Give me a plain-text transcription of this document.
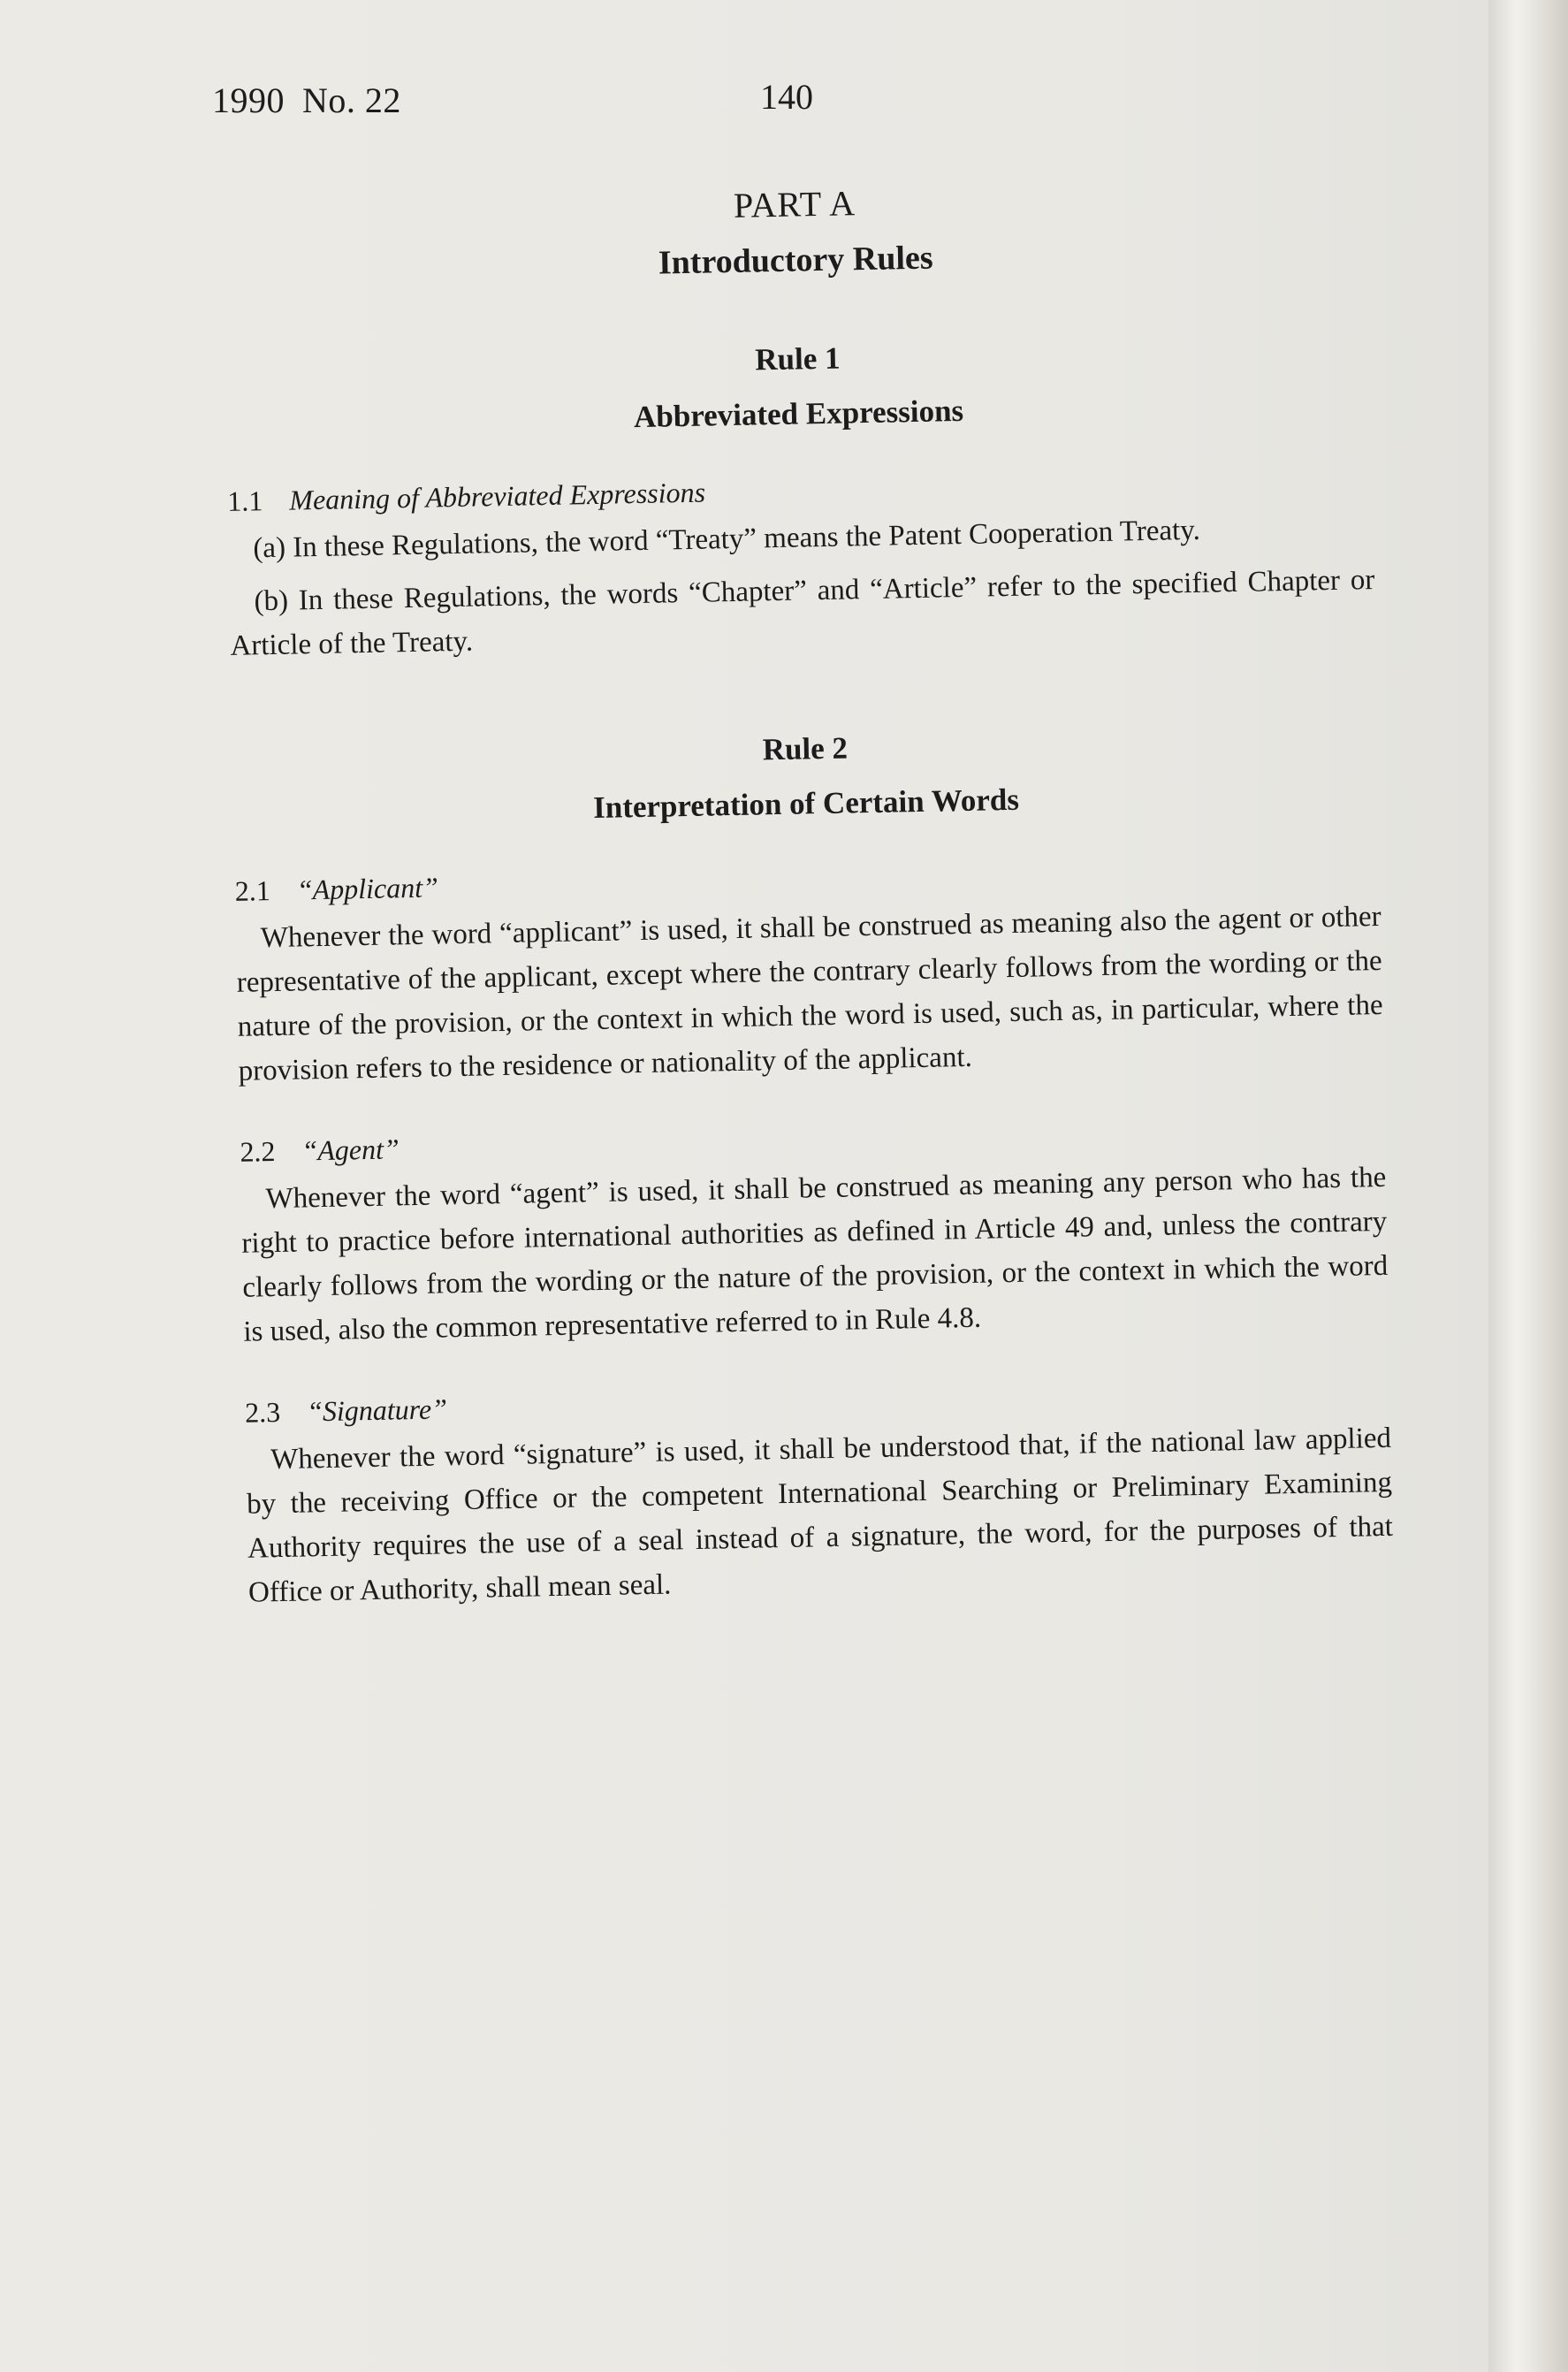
1990 No. 22	140
PART A
Introductory Rules
Rule 1
Abbreviated Expressions
1.1 Meaning of Abbreviated Expressions

(a) In these Regulations, the word “Treaty” means the Patent Cooperation Treaty.

(b) In these Regulations, the words “Chapter” and “Article” refer to the specified Chapter or Article of the Treaty.

Rule 2
Interpretation of Certain Words
2.1 “Applicant”

Whenever the word “applicant” is used, it shall be construed as meaning also the agent or other representative of the applicant, except where the contrary clearly follows from the wording or the nature of the provision, or the context in which the word is used, such as, in particular, where the provision refers to the residence or nationality of the applicant.

2.2 “Agent”

Whenever the word “agent” is used, it shall be construed as meaning any person who has the right to practice before international authorities as defined in Article 49 and, unless the contrary clearly follows from the wording or the nature of the provision, or the context in which the word is used, also the common representative referred to in Rule 4.8.

2.3 “Signature”

Whenever the word “signature” is used, it shall be understood that, if the national law applied by the receiving Office or the competent International Searching or Preliminary Examining Authority requires the use of a seal instead of a signature, the word, for the purposes of that Office or Authority, shall mean seal.
